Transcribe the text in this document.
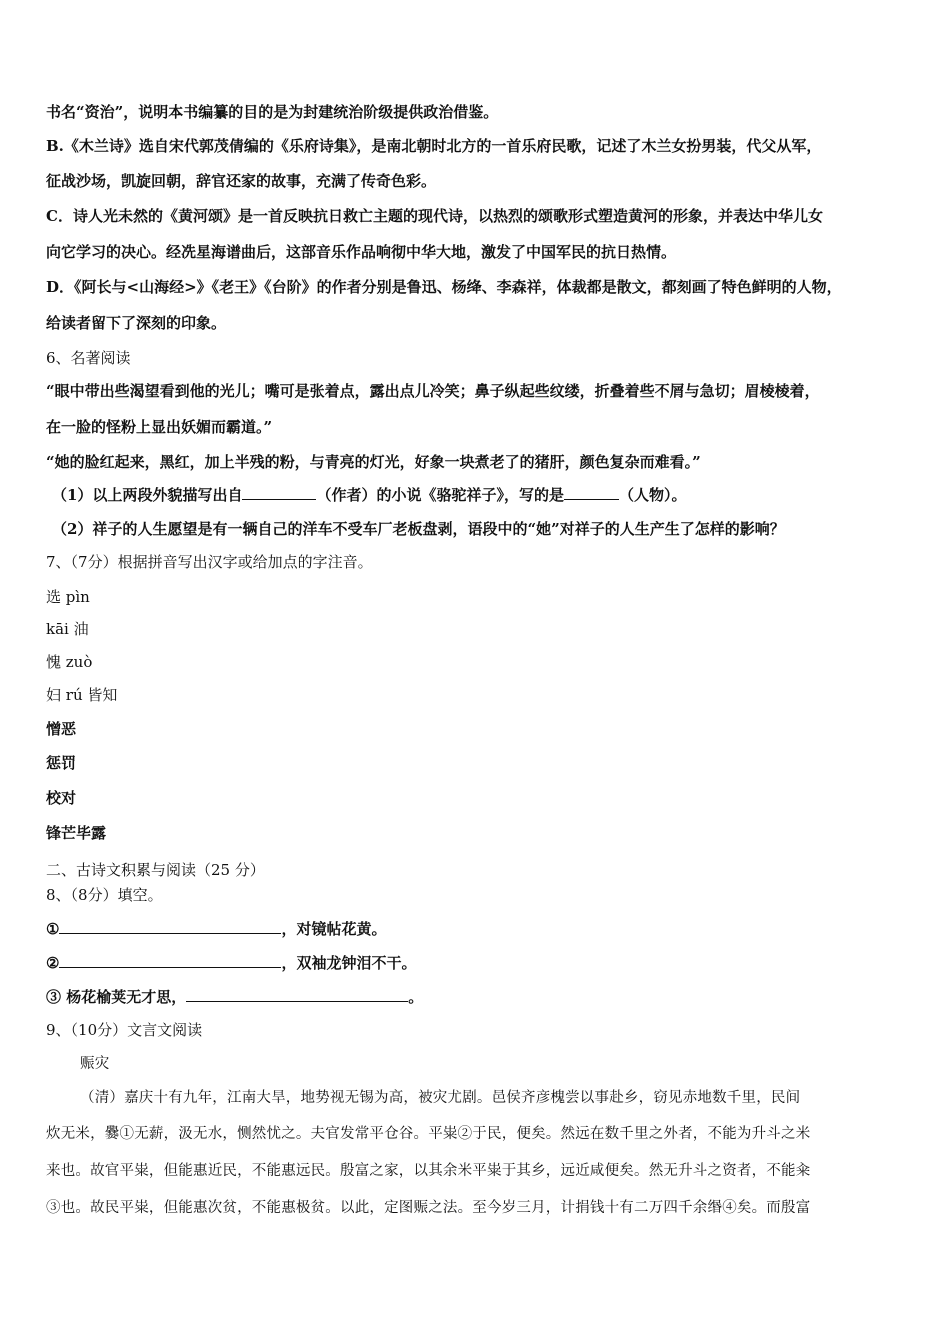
书名“资治”，说明本书编纂的目的是为封建统治阶级提供政治借鉴。
B.《木兰诗》选自宋代郭茂倩编的《乐府诗集》，是南北朝时北方的一首乐府民歌，记述了木兰女扮男装，代父从军，
征战沙场，凯旋回朝，辞官还家的故事，充满了传奇色彩。
C．诗人光未然的《黄河颂》是一首反映抗日救亡主题的现代诗，以热烈的颂歌形式塑造黄河的形象，并表达中华儿女
向它学习的决心。经冼星海谱曲后，这部音乐作品响彻中华大地，激发了中国军民的抗日热情。
D．《阿长与<山海经>》《老王》《台阶》的作者分别是鲁迅、杨绛、李森祥，体裁都是散文，都刻画了特色鲜明的人物，
给读者留下了深刻的印象。
6、名著阅读
“眼中带出些渴望看到他的光儿；嘴可是张着点，露出点儿冷笑；鼻子纵起些纹缕，折叠着些不屑与急切；眉棱棱着，
在一脸的怪粉上显出妖媚而霸道。”
“她的脸红起来，黑红，加上半残的粉，与青亮的灯光，好象一块煮老了的猪肝，颜色复杂而难看。”
（1）以上两段外貌描写出自	（作者）的小说《骆驼祥子》，写的是	（人物）。
（2）祥子的人生愿望是有一辆自己的洋车不受车厂老板盘剥，语段中的“她”对祥子的人生产生了怎样的影响？
7、（7分）根据拼音写出汉字或给加点的字注音。
选 pìn
kāi 油
愧 zuò
妇 rú 皆知
憎恶
惩罚
校对
锋芒毕露
二、古诗文积累与阅读（25 分）
8、（8分）填空。
①	，对镜帖花黄。
②	，双袖龙钟泪不干。
③ 杨花榆荚无才思，	。
9、（10分）文言文阅读
赈灾
（清）嘉庆十有九年，江南大旱，地势视无锡为高，被灾尤剧。邑侯齐彦槐尝以事赴乡，窃见赤地数千里，民间
炊无米，爨①无薪，汲无水，恻然忧之。夫官发常平仓谷。平粜②于民，便矣。然远在数千里之外者，不能为升斗之米
来也。故官平粜，但能惠近民，不能惠远民。殷富之家，以其余米平粜于其乡，远近咸便矣。然无升斗之资者，不能籴
③也。故民平粜，但能惠次贫，不能惠极贫。以此，定图赈之法。至今岁三月，计捐钱十有二万四千余缗④矣。而殷富
